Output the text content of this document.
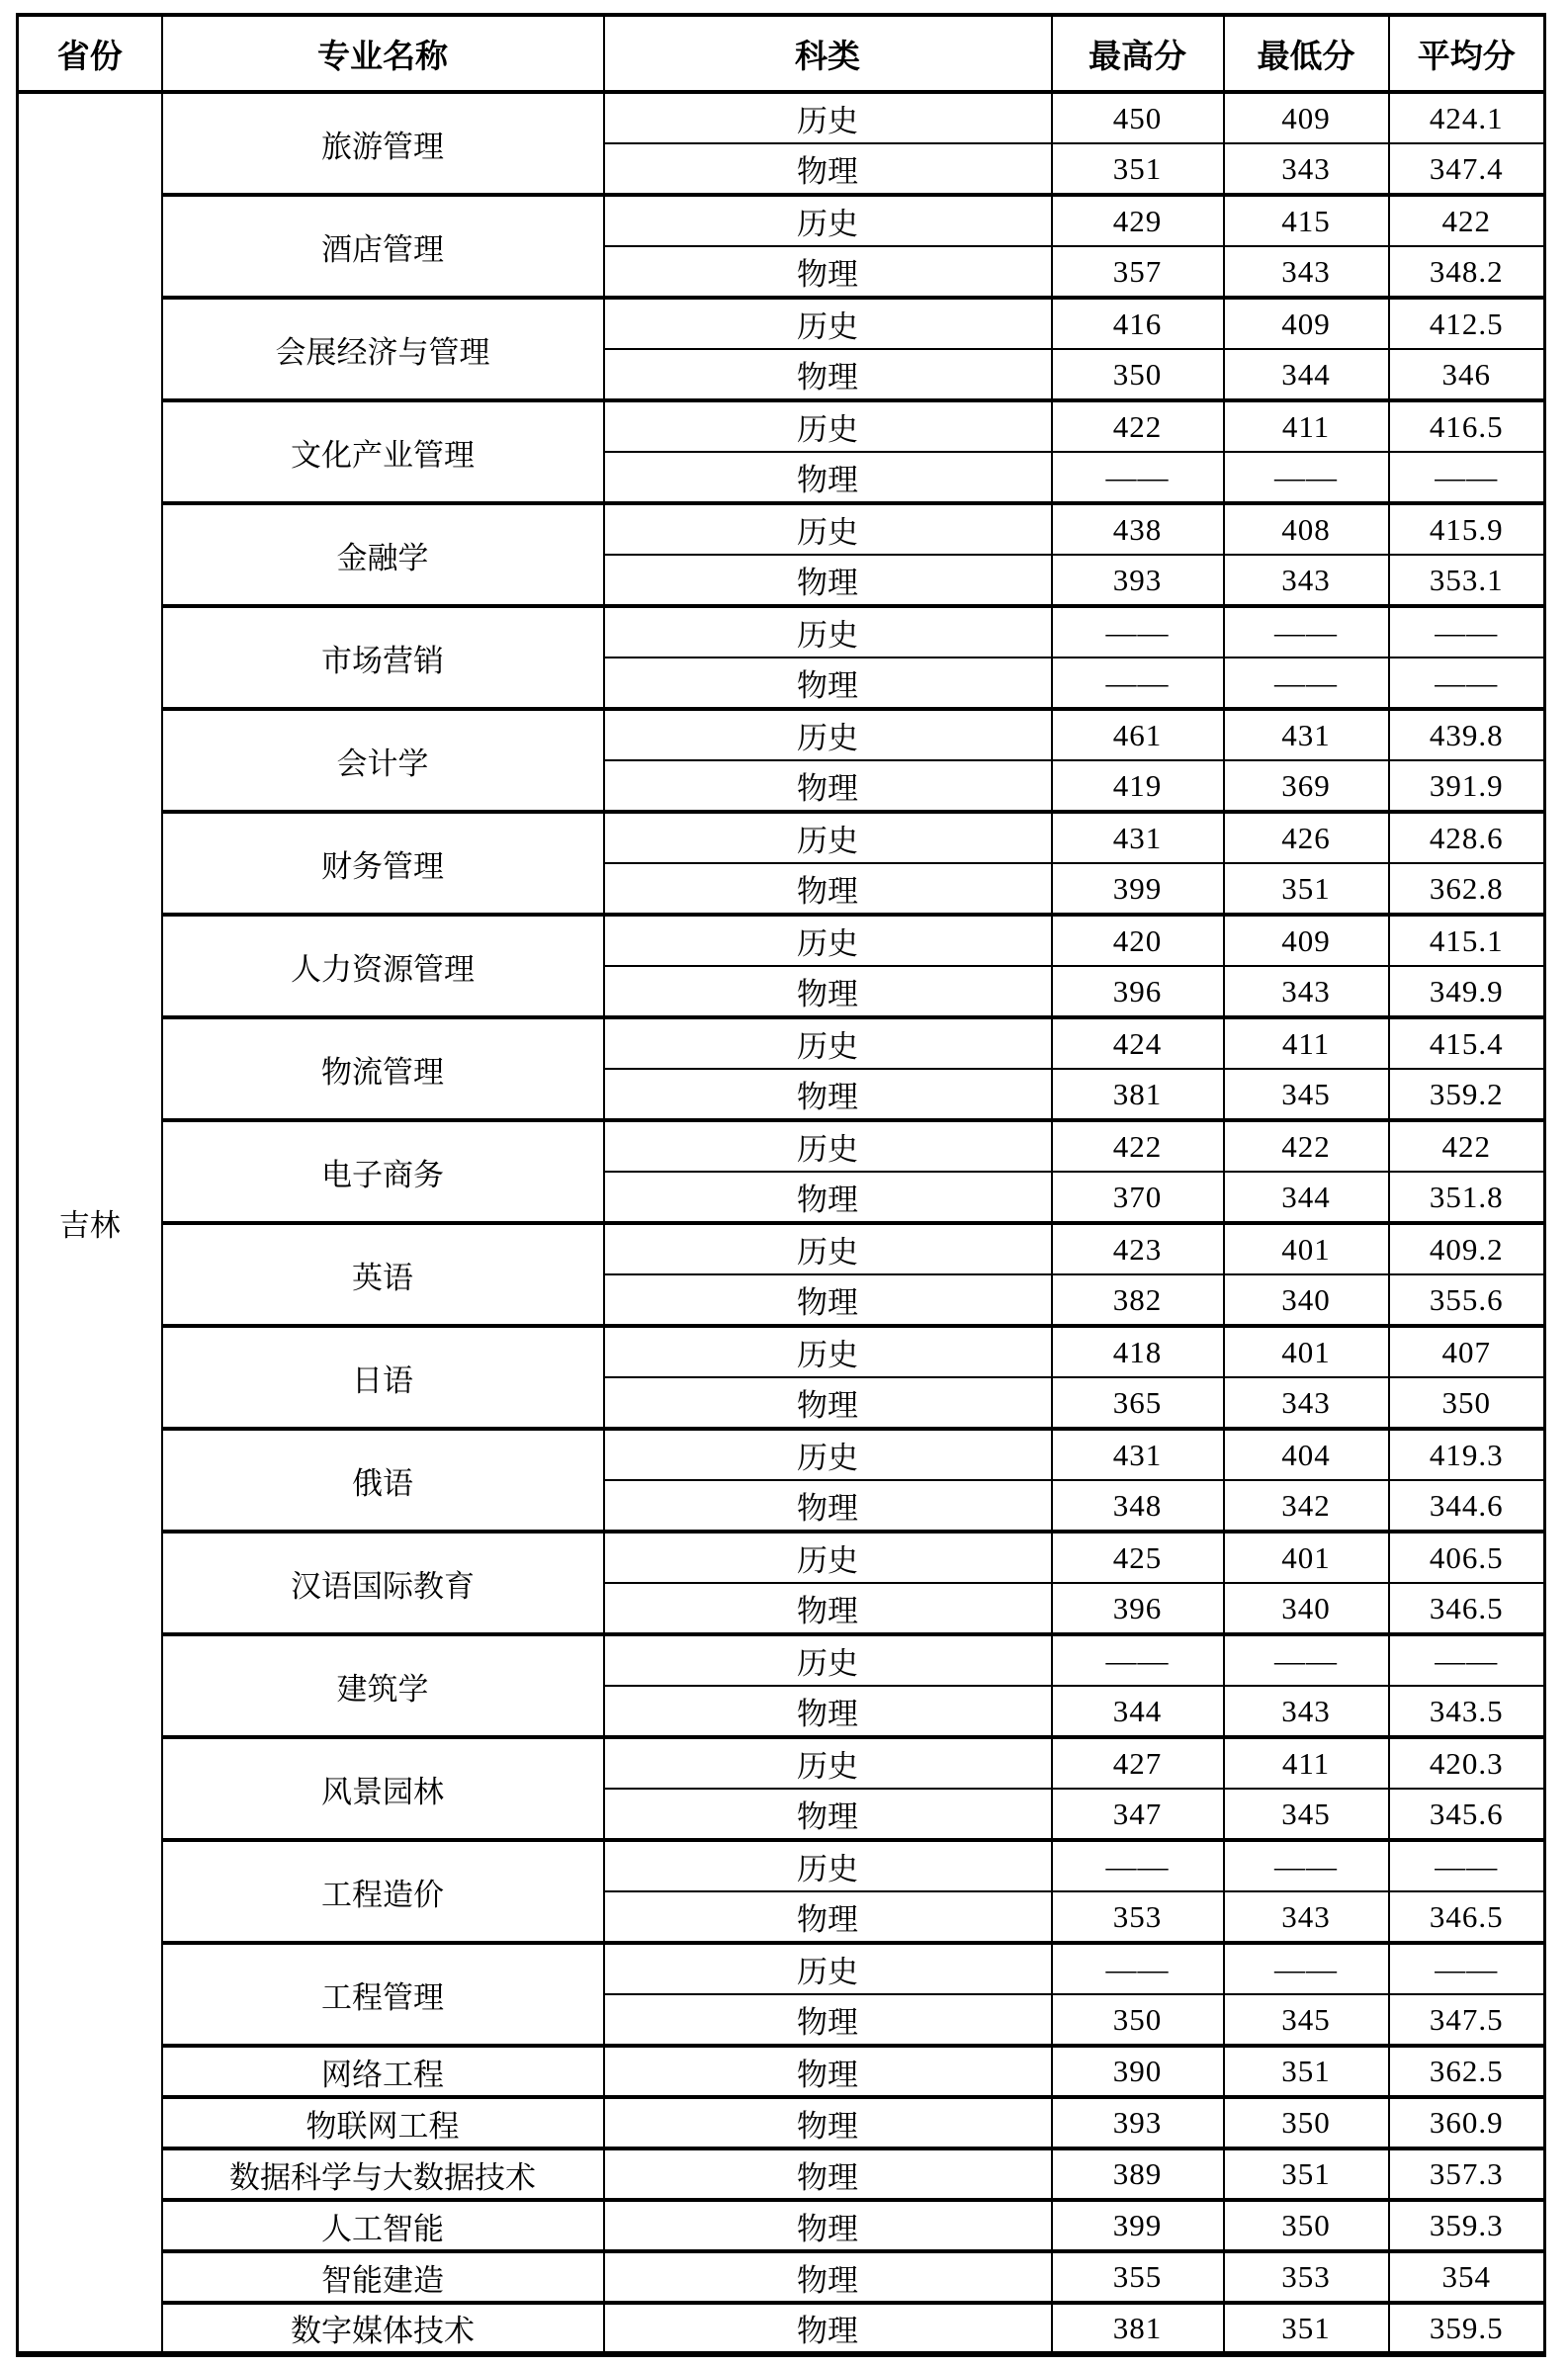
省份	专业名称	科类	最高分	最低分	平均分
吉林	旅游管理	历史	450	409	424.1
		物理	351	343	347.4
	酒店管理	历史	429	415	422
		物理	357	343	348.2
	会展经济与管理	历史	416	409	412.5
		物理	350	344	346
	文化产业管理	历史	422	411	416.5
		物理	——	——	——
	金融学	历史	438	408	415.9
		物理	393	343	353.1
	市场营销	历史	——	——	——
		物理	——	——	——
	会计学	历史	461	431	439.8
		物理	419	369	391.9
	财务管理	历史	431	426	428.6
		物理	399	351	362.8
	人力资源管理	历史	420	409	415.1
		物理	396	343	349.9
	物流管理	历史	424	411	415.4
		物理	381	345	359.2
	电子商务	历史	422	422	422
		物理	370	344	351.8
	英语	历史	423	401	409.2
		物理	382	340	355.6
	日语	历史	418	401	407
		物理	365	343	350
	俄语	历史	431	404	419.3
		物理	348	342	344.6
	汉语国际教育	历史	425	401	406.5
		物理	396	340	346.5
	建筑学	历史	——	——	——
		物理	344	343	343.5
	风景园林	历史	427	411	420.3
		物理	347	345	345.6
	工程造价	历史	——	——	——
		物理	353	343	346.5
	工程管理	历史	——	——	——
		物理	350	345	347.5
	网络工程	物理	390	351	362.5
	物联网工程	物理	393	350	360.9
	数据科学与大数据技术	物理	389	351	357.3
	人工智能	物理	399	350	359.3
	智能建造	物理	355	353	354
	数字媒体技术	物理	381	351	359.5
